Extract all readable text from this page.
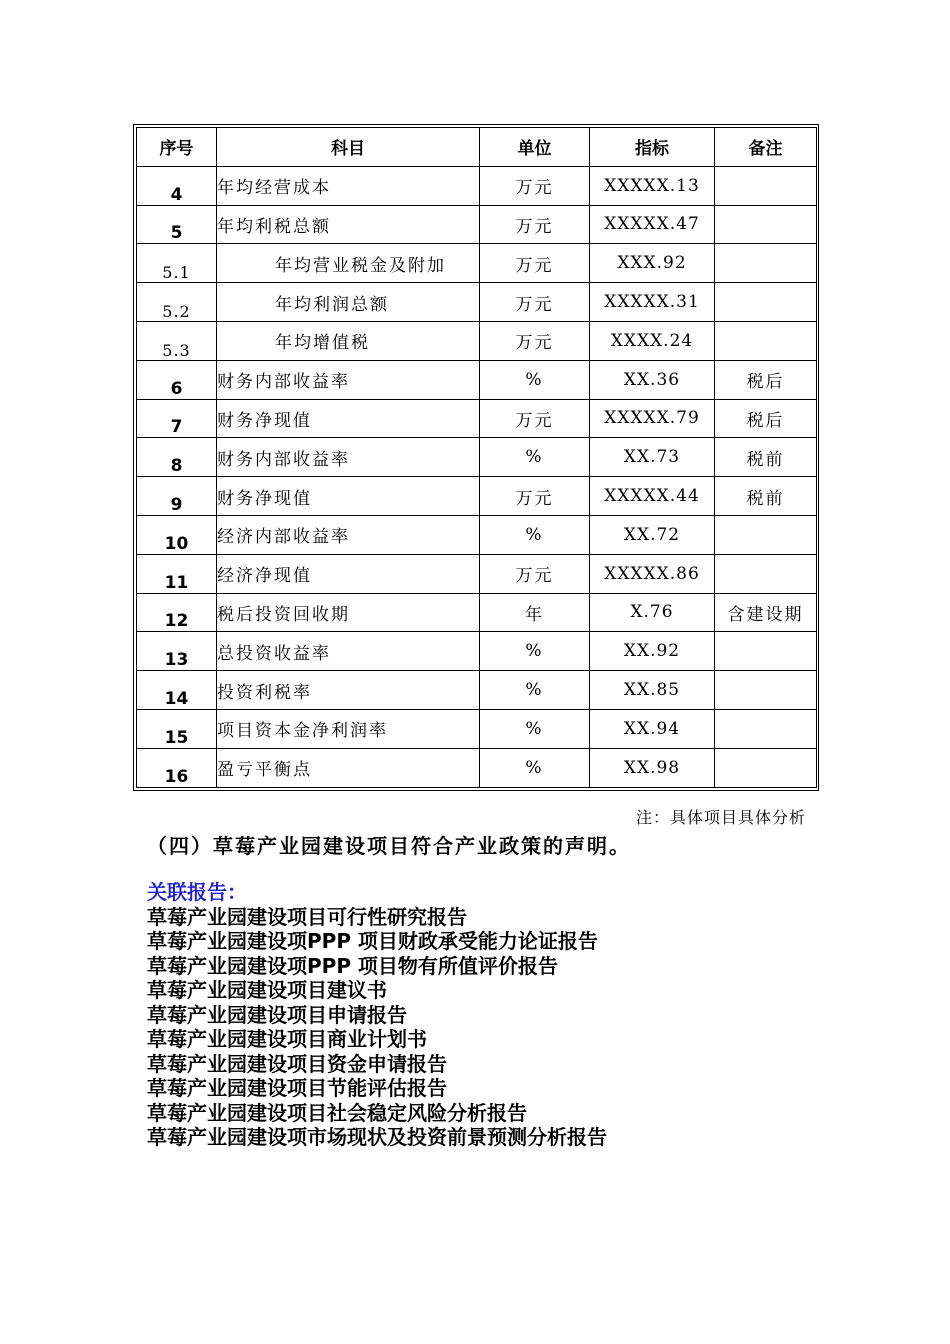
序号	科目	单位	指标	备注
4	年均经营成本	万元	XXXXX.13	
5	年均利税总额	万元	XXXXX.47	
5.1	年均营业税金及附加	万元	XXX.92	
5.2	年均利润总额	万元	XXXXX.31	
5.3	年均增值税	万元	XXXX.24	
6	财务内部收益率	%	XX.36	税后
7	财务净现值	万元	XXXXX.79	税后
8	财务内部收益率	%	XX.73	税前
9	财务净现值	万元	XXXXX.44	税前
10	经济内部收益率	%	XX.72	
11	经济净现值	万元	XXXXX.86	
12	税后投资回收期	年	X.76	含建设期
13	总投资收益率	%	XX.92	
14	投资利税率	%	XX.85	
15	项目资本金净利润率	%	XX.94	
16	盈亏平衡点	%	XX.98	
注：具体项目具体分析
（四）草莓产业园建设项目符合产业政策的声明。
关联报告：
草莓产业园建设项目可行性研究报告
草莓产业园建设项PPP 项目财政承受能力论证报告
草莓产业园建设项PPP 项目物有所值评价报告
草莓产业园建设项目建议书
草莓产业园建设项目申请报告
草莓产业园建设项目商业计划书
草莓产业园建设项目资金申请报告
草莓产业园建设项目节能评估报告
草莓产业园建设项目社会稳定风险分析报告
草莓产业园建设项市场现状及投资前景预测分析报告
